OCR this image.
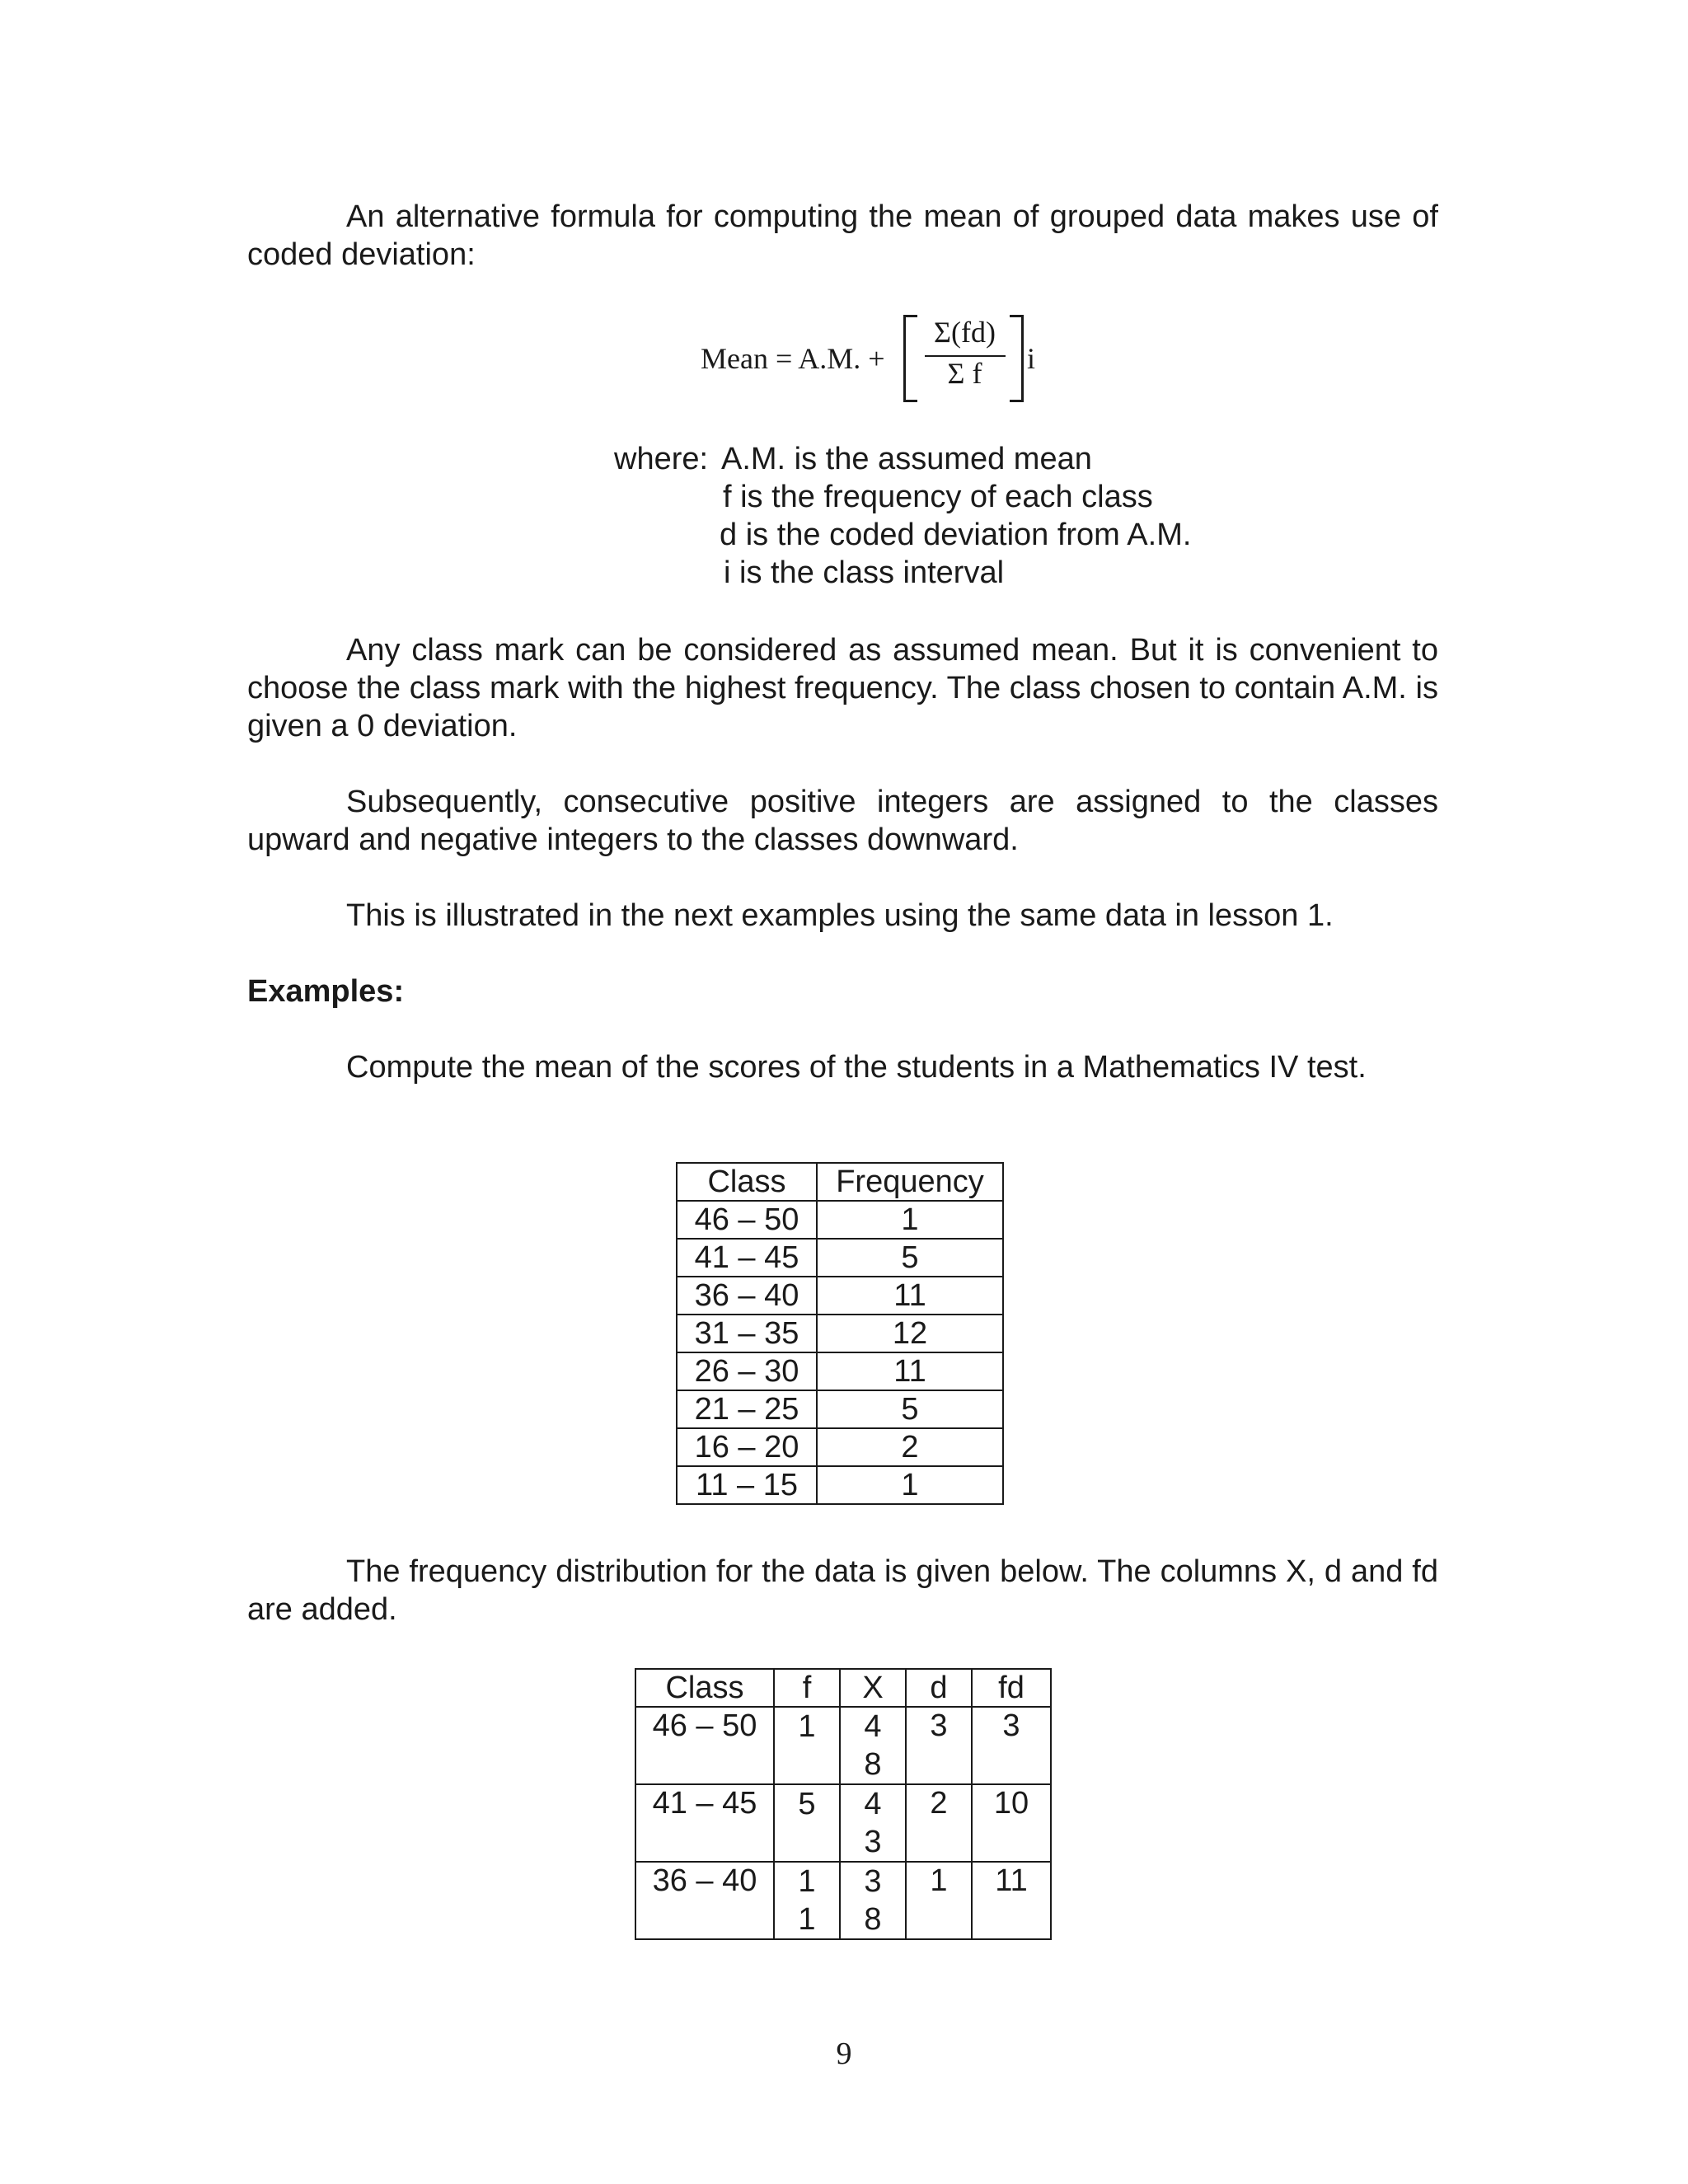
An alternative formula for computing the mean of grouped data makes use of coded deviation:

Mean = A.M. +
Σ(fd)
Σ f	i
where: A.M. is the assumed mean
f is the frequency of each class
d is the coded deviation from A.M.
i is the class interval

Any class mark can be considered as assumed mean. But it is convenient to choose the class mark with the highest frequency. The class chosen to contain A.M. is given a 0 deviation.

Subsequently, consecutive positive integers are assigned to the classes upward and negative integers to the classes downward.

This is illustrated in the next examples using the same data in lesson 1.

Examples:

Compute the mean of the scores of the students in a Mathematics IV test.

Class	Frequency
46 – 50	1
41 – 45	5
36 – 40	11
31 – 35	12
26 – 30	11
21 – 25	5
16 – 20	2
11 – 15	1

The frequency distribution for the data is given below. The columns X, d and fd are added.

Class	f	X	d	fd
46 – 50	1	48	3	3
41 – 45	5	43	2	10
36 – 40	11	38	1	11
9
